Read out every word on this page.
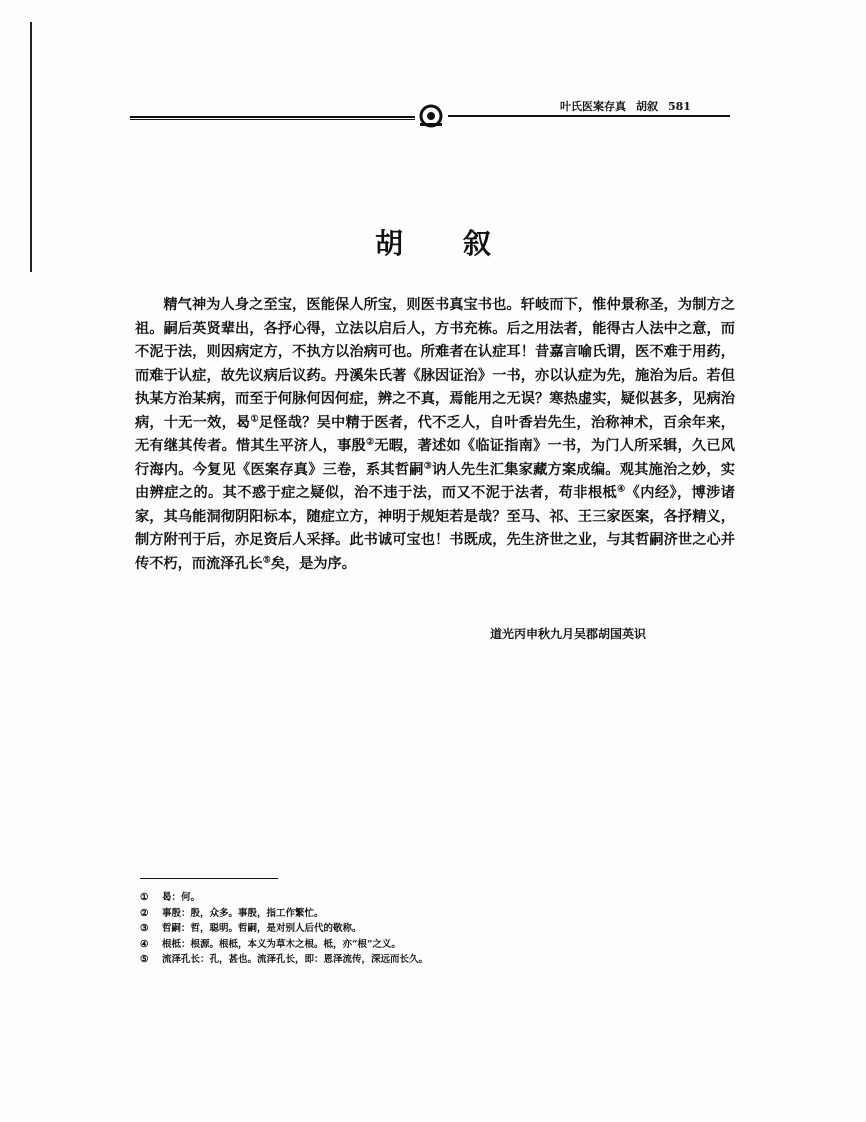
叶氏医案存真 胡叙 581
胡叙

精气神为人身之至宝，医能保人所宝，则医书真宝书也。轩岐而下，惟仲景称圣，为制方之祖。嗣后英贤辈出，各抒心得，立法以启后人，方书充栋。后之用法者，能得古人法中之意，而不泥于法，则因病定方，不执方以治病可也。所难者在认症耳！昔嘉言喻氏谓，医不难于用药，而难于认症，故先议病后议药。丹溪朱氏著《脉因证治》一书，亦以认症为先，施治为后。若但执某方治某病，而至于何脉何因何症，辨之不真，焉能用之无误？寒热虚实，疑似甚多，见病治病，十无一效，曷①足怪哉？吴中精于医者，代不乏人，自叶香岩先生，治称神术，百余年来，无有继其传者。惜其生平济人，事殷②无暇，著述如《临证指南》一书，为门人所采辑，久已风行海内。今复见《医案存真》三卷，系其哲嗣③讷人先生汇集家藏方案成编。观其施治之妙，实由辨症之的。其不惑于症之疑似，治不违于法，而又不泥于法者，苟非根柢④《内经》，博涉诸家，其乌能洞彻阴阳标本，随症立方，神明于规矩若是哉？至马、祁、王三家医案，各抒精义，制方附刊于后，亦足资后人采择。此书诚可宝也！书既成，先生济世之业，与其哲嗣济世之心并传不朽，而流泽孔长⑤矣，是为序。

道光丙申秋九月吴郡胡国英识
① 曷：何。
② 事殷：殷，众多。事殷，指工作繁忙。
③ 哲嗣：哲，聪明。哲嗣，是对别人后代的敬称。
④ 根柢：根源。根柢，本义为草木之根。柢，亦“根”之义。
⑤ 流泽孔长：孔，甚也。流泽孔长，即：恩泽流传，深远而长久。
